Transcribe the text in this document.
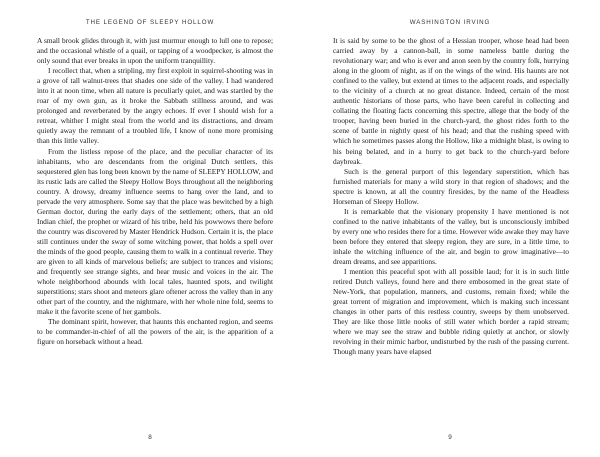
THE LEGEND OF SLEEPY HOLLOW

A small brook glides through it, with just murmur enough to lull one to repose; and the occasional whistle of a quail, or tapping of a woodpecker, is almost the only sound that ever breaks in upon the uniform tranquillity.

I recollect that, when a stripling, my first exploit in squirrel-shooting was in a grove of tall walnut-trees that shades one side of the valley. I had wandered into it at noon time, when all nature is peculiarly quiet, and was startled by the roar of my own gun, as it broke the Sabbath stillness around, and was prolonged and reverberated by the angry echoes. If ever I should wish for a retreat, whither I might steal from the world and its distractions, and dream quietly away the remnant of a troubled life, I know of none more promising than this little valley.

From the listless repose of the place, and the peculiar character of its inhabitants, who are descendants from the original Dutch settlers, this sequestered glen has long been known by the name of SLEEPY HOLLOW, and its rustic lads are called the Sleepy Hollow Boys throughout all the neighboring country. A drowsy, dreamy influence seems to hang over the land, and to pervade the very atmosphere. Some say that the place was bewitched by a high German doctor, during the early days of the settlement; others, that an old Indian chief, the prophet or wizard of his tribe, held his powwows there before the country was discovered by Master Hendrick Hudson. Certain it is, the place still continues under the sway of some witching power, that holds a spell over the minds of the good people, causing them to walk in a continual reverie. They are given to all kinds of marvelous beliefs; are subject to trances and visions; and frequently see strange sights, and hear music and voices in the air. The whole neighborhood abounds with local tales, haunted spots, and twilight superstitions; stars shoot and meteors glare oftener across the valley than in any other part of the country, and the nightmare, with her whole nine fold, seems to make it the favorite scene of her gambols.

The dominant spirit, however, that haunts this enchanted region, and seems to be commander-in-chief of all the powers of the air, is the apparition of a figure on horseback without a head.

8
WASHINGTON IRVING

It is said by some to be the ghost of a Hessian trooper, whose head had been carried away by a cannon-ball, in some nameless battle during the revolutionary war; and who is ever and anon seen by the country folk, hurrying along in the gloom of night, as if on the wings of the wind. His haunts are not confined to the valley, but extend at times to the adjacent roads, and especially to the vicinity of a church at no great distance. Indeed, certain of the most authentic historians of those parts, who have been careful in collecting and collating the floating facts concerning this spectre, allege that the body of the trooper, having been buried in the church-yard, the ghost rides forth to the scene of battle in nightly quest of his head; and that the rushing speed with which he sometimes passes along the Hollow, like a midnight blast, is owing to his being belated, and in a hurry to get back to the church-yard before daybreak.

Such is the general purport of this legendary superstition, which has furnished materials for many a wild story in that region of shadows; and the spectre is known, at all the country firesides, by the name of the Headless Horseman of Sleepy Hollow.

It is remarkable that the visionary propensity I have mentioned is not confined to the native inhabitants of the valley, but is unconsciously imbibed by every one who resides there for a time. However wide awake they may have been before they entered that sleepy region, they are sure, in a little time, to inhale the witching influence of the air, and begin to grow imaginative—to dream dreams, and see apparitions.

I mention this peaceful spot with all possible laud; for it is in such little retired Dutch valleys, found here and there embosomed in the great state of New-York, that population, manners, and customs, remain fixed; while the great torrent of migration and improvement, which is making such incessant changes in other parts of this restless country, sweeps by them unobserved. They are like those little nooks of still water which border a rapid stream; where we may see the straw and bubble riding quietly at anchor, or slowly revolving in their mimic harbor, undisturbed by the rush of the passing current. Though many years have elapsed

9
